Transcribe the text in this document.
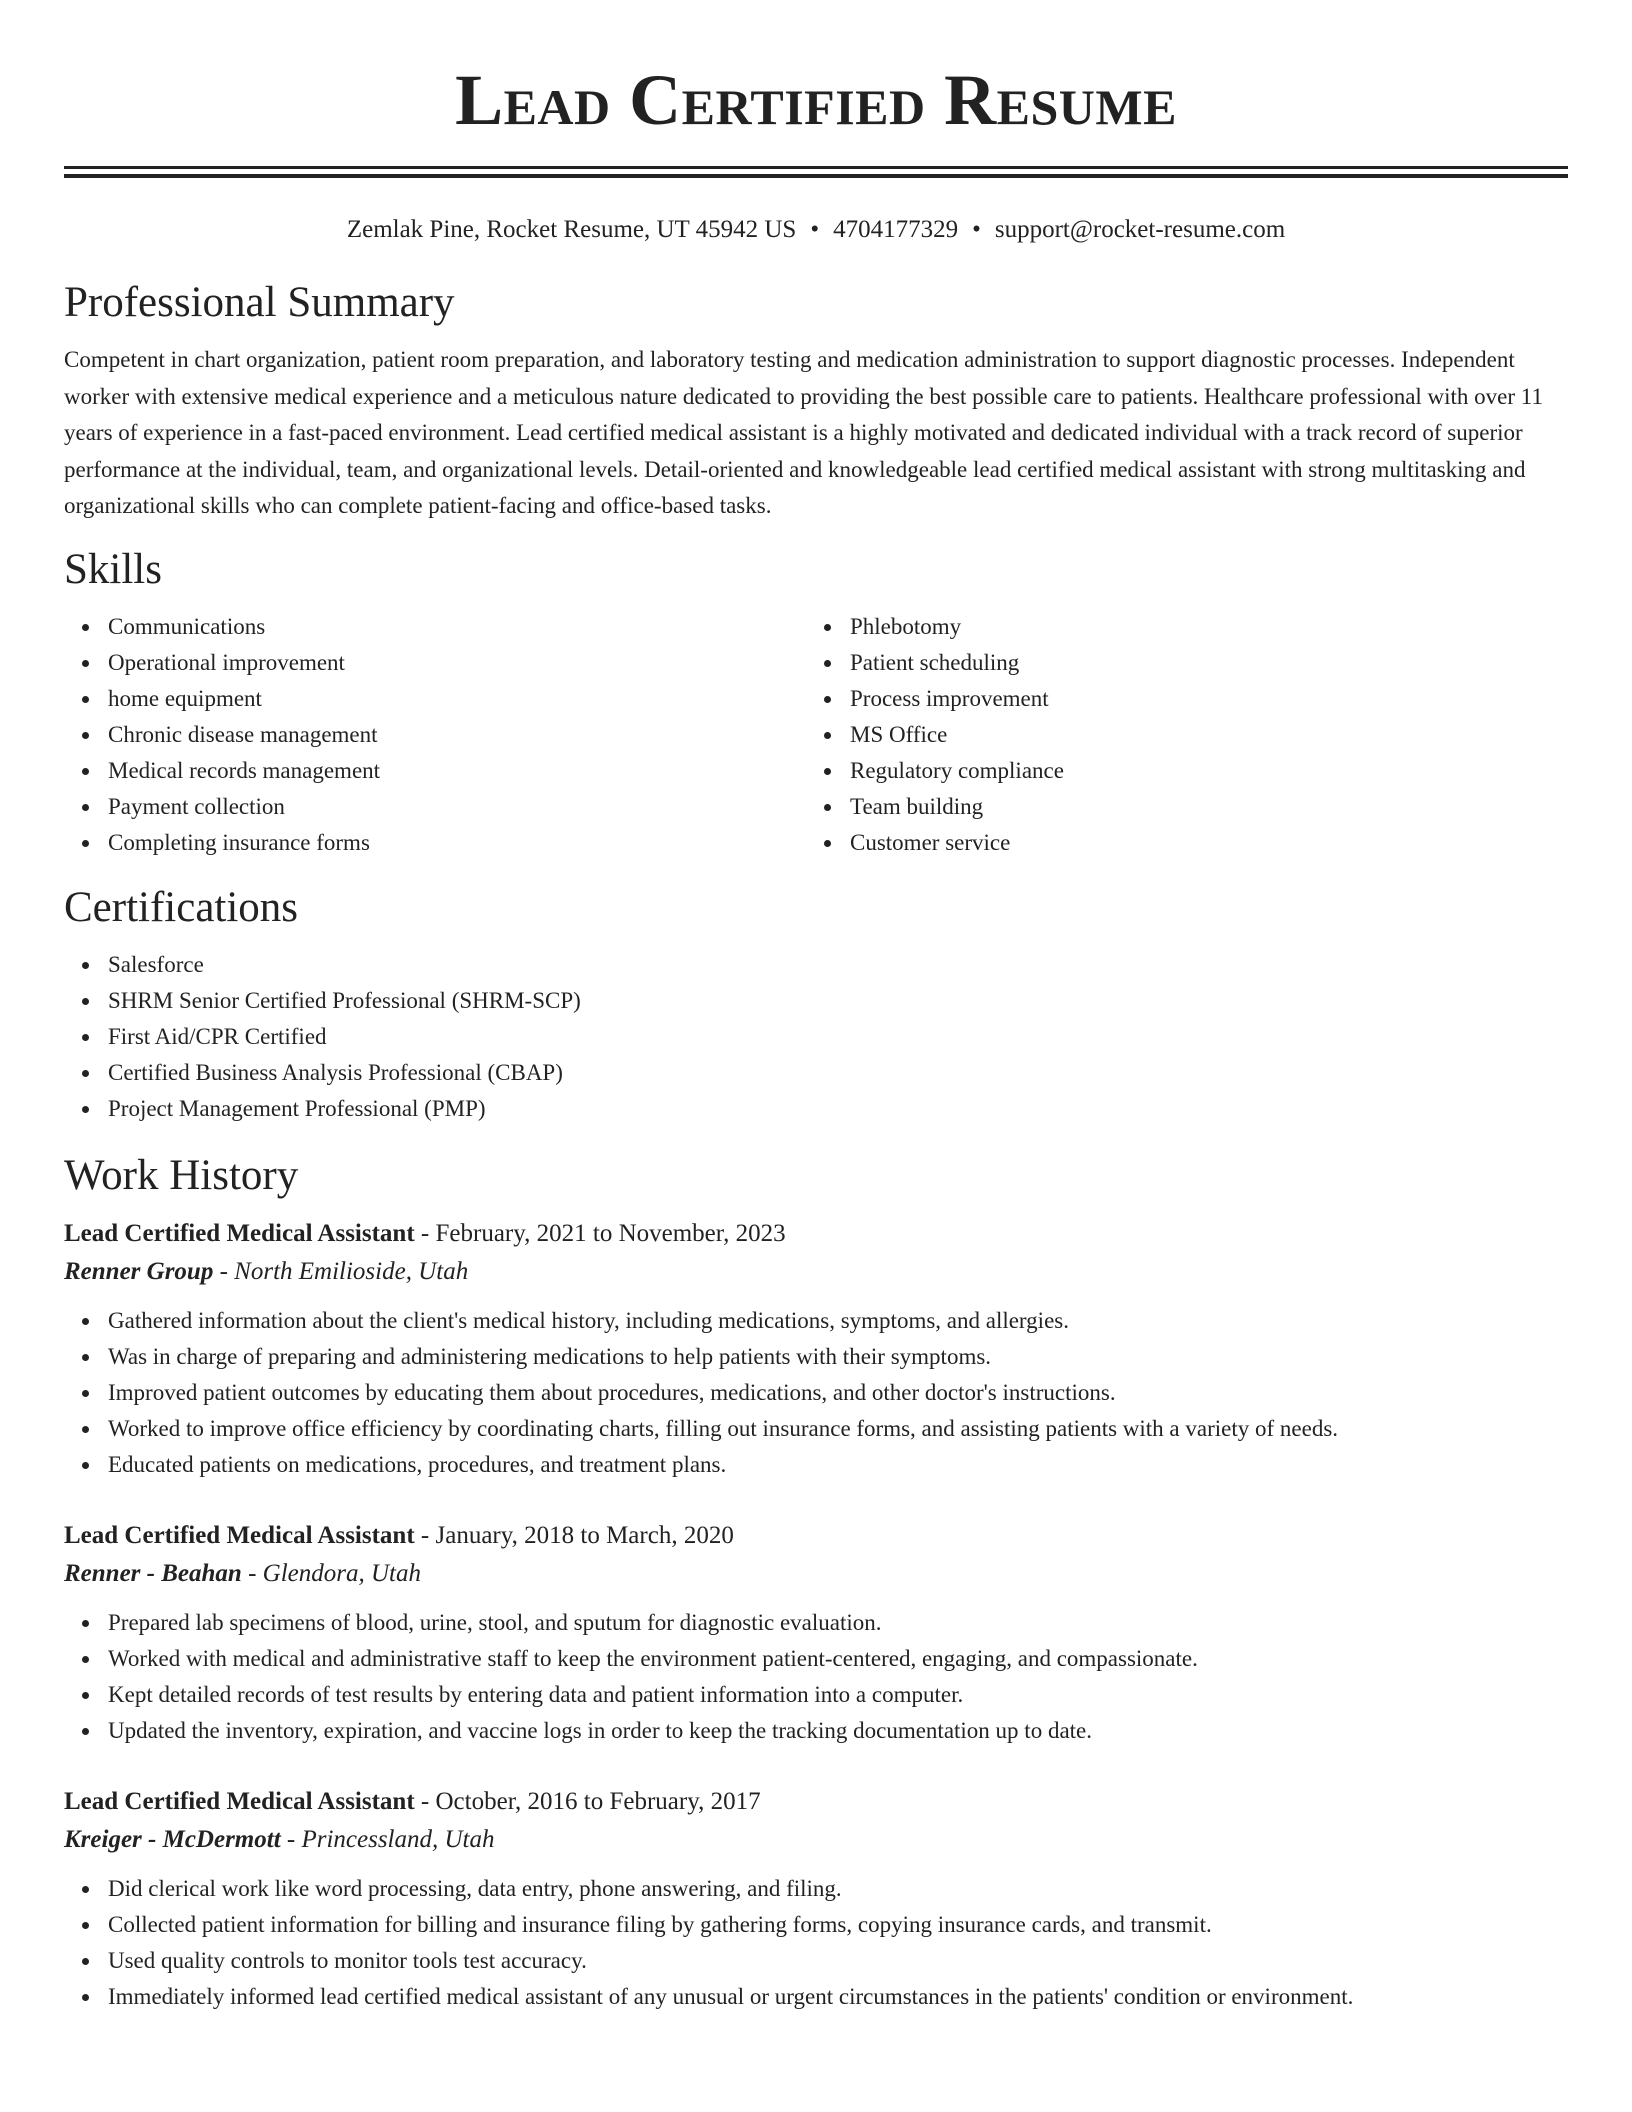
Lead Certified Resume
Zemlak Pine, Rocket Resume, UT 45942 US • 4704177329 • support@rocket-resume.com
Professional Summary

Competent in chart organization, patient room preparation, and laboratory testing and medication administration to support diagnostic processes. Independent worker with extensive medical experience and a meticulous nature dedicated to providing the best possible care to patients. Healthcare professional with over 11 years of experience in a fast-paced environment. Lead certified medical assistant is a highly motivated and dedicated individual with a track record of superior performance at the individual, team, and organizational levels. Detail-oriented and knowledgeable lead certified medical assistant with strong multitasking and organizational skills who can complete patient-facing and office-based tasks.

Skills
Communications
Operational improvement
home equipment
Chronic disease management
Medical records management
Payment collection
Completing insurance forms
Phlebotomy
Patient scheduling
Process improvement
MS Office
Regulatory compliance
Team building
Customer service
Certifications
Salesforce
SHRM Senior Certified Professional (SHRM-SCP)
First Aid/CPR Certified
Certified Business Analysis Professional (CBAP)
Project Management Professional (PMP)
Work History
Lead Certified Medical Assistant - February, 2021 to November, 2023
Renner Group - North Emilioside, Utah
Gathered information about the client's medical history, including medications, symptoms, and allergies.
Was in charge of preparing and administering medications to help patients with their symptoms.
Improved patient outcomes by educating them about procedures, medications, and other doctor's instructions.
Worked to improve office efficiency by coordinating charts, filling out insurance forms, and assisting patients with a variety of needs.
Educated patients on medications, procedures, and treatment plans.
Lead Certified Medical Assistant - January, 2018 to March, 2020
Renner - Beahan - Glendora, Utah
Prepared lab specimens of blood, urine, stool, and sputum for diagnostic evaluation.
Worked with medical and administrative staff to keep the environment patient-centered, engaging, and compassionate.
Kept detailed records of test results by entering data and patient information into a computer.
Updated the inventory, expiration, and vaccine logs in order to keep the tracking documentation up to date.
Lead Certified Medical Assistant - October, 2016 to February, 2017
Kreiger - McDermott - Princessland, Utah
Did clerical work like word processing, data entry, phone answering, and filing.
Collected patient information for billing and insurance filing by gathering forms, copying insurance cards, and transmit.
Used quality controls to monitor tools test accuracy.
Immediately informed lead certified medical assistant of any unusual or urgent circumstances in the patients' condition or environment.
